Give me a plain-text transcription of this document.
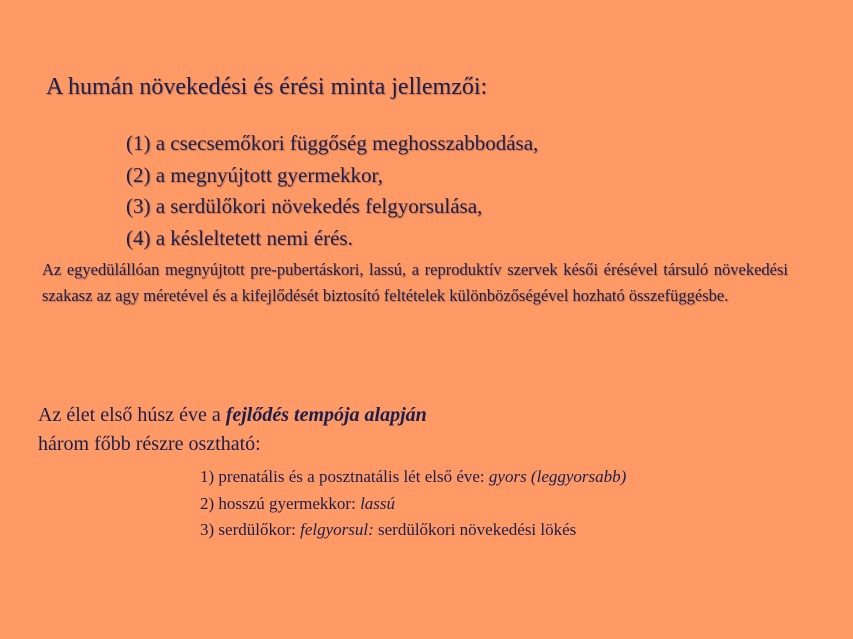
A humán növekedési és érési minta jellemzői:
(1) a csecsemőkori függőség meghosszabbodása,
(2) a megnyújtott gyermekkor,
(3) a serdülőkori növekedés felgyorsulása,
(4) a késleltetett nemi érés.

Az egyedülállóan megnyújtott pre-pubertáskori, lassú, a reproduktív szervek késői érésével társuló növekedési szakasz az agy méretével és a kifejlődését biztosító feltételek különbözőségével hozható összefüggésbe.

Az élet első húsz éve a fejlődés tempója alapján
három főbb részre osztható:

1) prenatális és a posztnatális lét első éve: gyors (leggyorsabb)
2) hosszú gyermekkor: lassú
3) serdülőkor: felgyorsul: serdülőkori növekedési lökés
